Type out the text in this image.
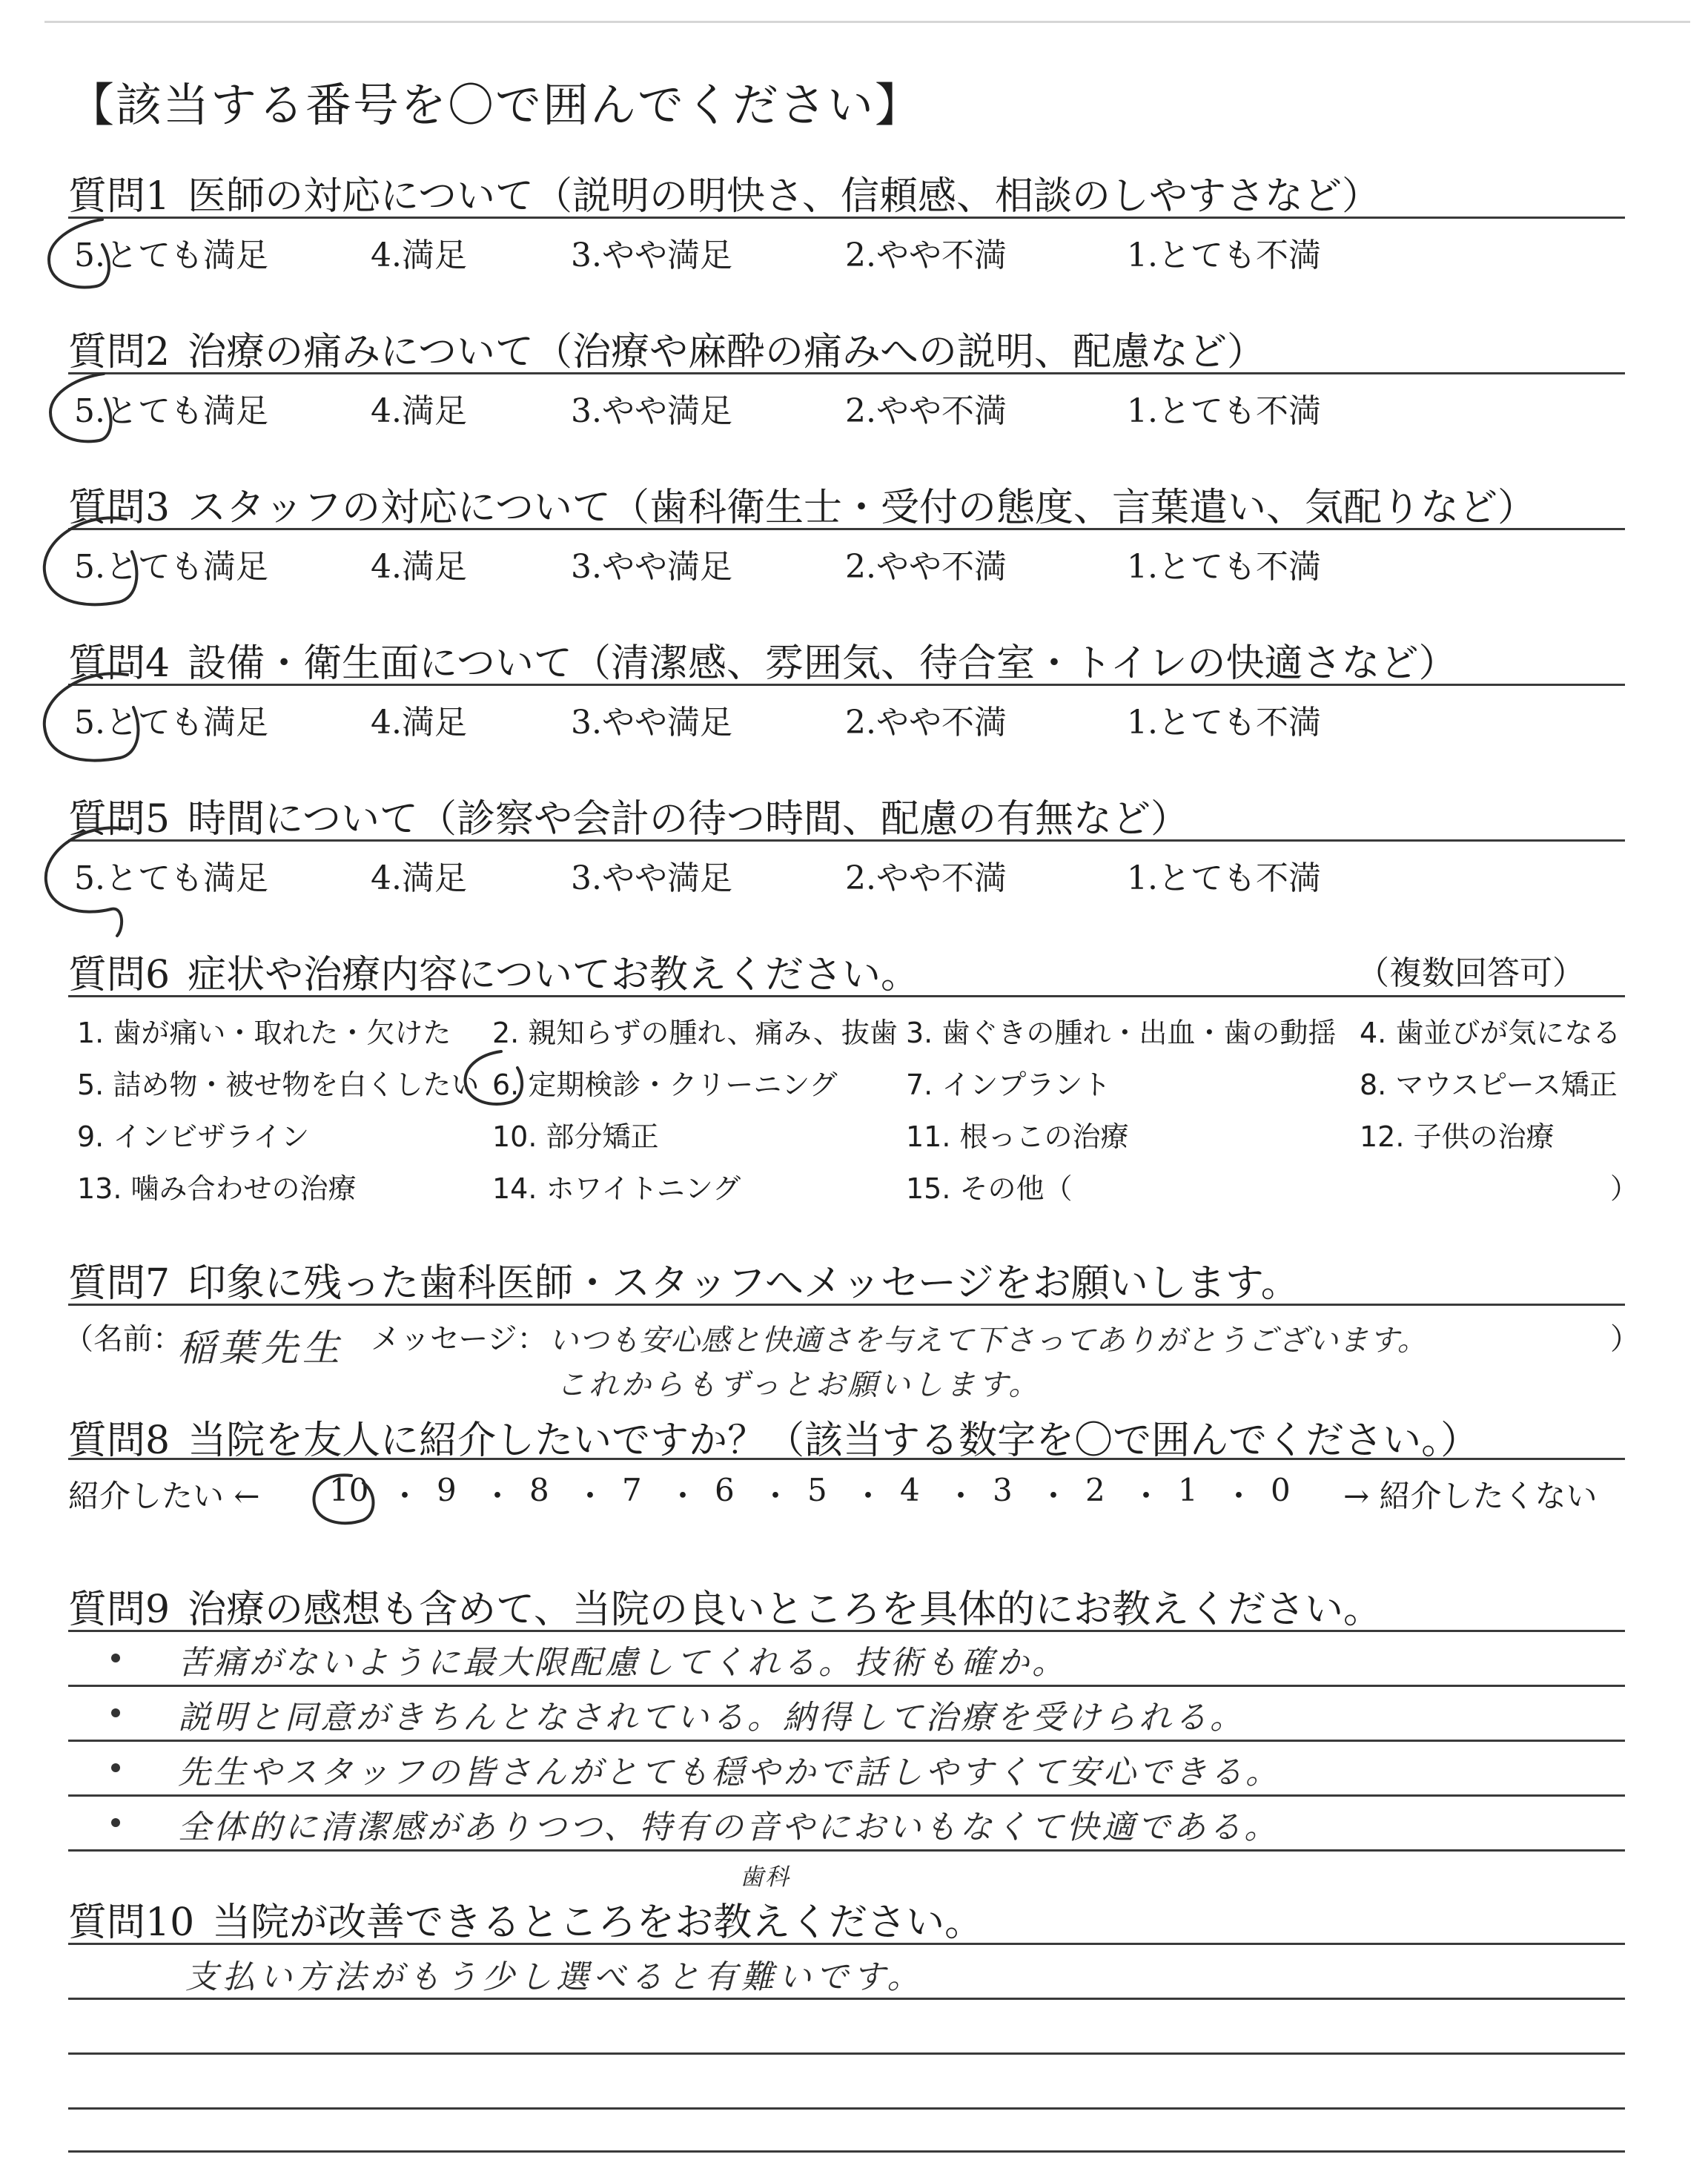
【該当する番号を〇で囲んでください】
質問1 医師の対応について（説明の明快さ、信頼感、相談のしやすさなど）
5.とても満足	4.満足	3.やや満足	2.やや不満	1.とても不満
質問2 治療の痛みについて（治療や麻酔の痛みへの説明、配慮など）
5.とても満足	4.満足	3.やや満足	2.やや不満	1.とても不満
質問3 スタッフの対応について（歯科衛生士・受付の態度、言葉遣い、気配りなど）
5.とても満足	4.満足	3.やや満足	2.やや不満	1.とても不満
質問4 設備・衛生面について（清潔感、雰囲気、待合室・トイレの快適さなど）
5.とても満足	4.満足	3.やや満足	2.やや不満	1.とても不満
質問5 時間について（診察や会計の待つ時間、配慮の有無など）
5.とても満足	4.満足	3.やや満足	2.やや不満	1.とても不満
質問6 症状や治療内容についてお教えください。	（複数回答可）
1. 歯が痛い・取れた・欠けた 2. 親知らずの腫れ、痛み、抜歯 3. 歯ぐきの腫れ・出血・歯の動揺 4. 歯並びが気になる
5. 詰め物・被せ物を白くしたい 6. 定期検診・クリーニング 7. インプラント	8. マウスピース矯正
9. インビザライン	10. 部分矯正	11. 根っこの治療	12. 子供の治療
13. 噛み合わせの治療	14. ホワイトニング	15. その他（	）
質問7 印象に残った歯科医師・スタッフへメッセージをお願いします。
（名前：
稲葉先生 メッセージ： いつも安心感と快適さを与えて下さってありがとうございます。	）
これからもずっとお願いします。
質問8 当院を友人に紹介したいですか？（該当する数字を〇で囲んでください。）
紹介したい ← 10 ・ 9 ・ 8 ・ 7 ・ 6 ・ 5 ・ 4 ・ 3 ・ 2 ・ 1 ・ 0 → 紹介したくない
質問9 治療の感想も含めて、当院の良いところを具体的にお教えください。
苦痛がないように最大限配慮してくれる。技術も確か。
説明と同意がきちんとなされている。納得して治療を受けられる。
先生やスタッフの皆さんがとても穏やかで話しやすくて安心できる。
全体的に清潔感がありつつ、特有の音やにおいもなくて快適である。
歯科
質問10 当院が改善できるところをお教えください。
支払い方法がもう少し選べると有難いです。
